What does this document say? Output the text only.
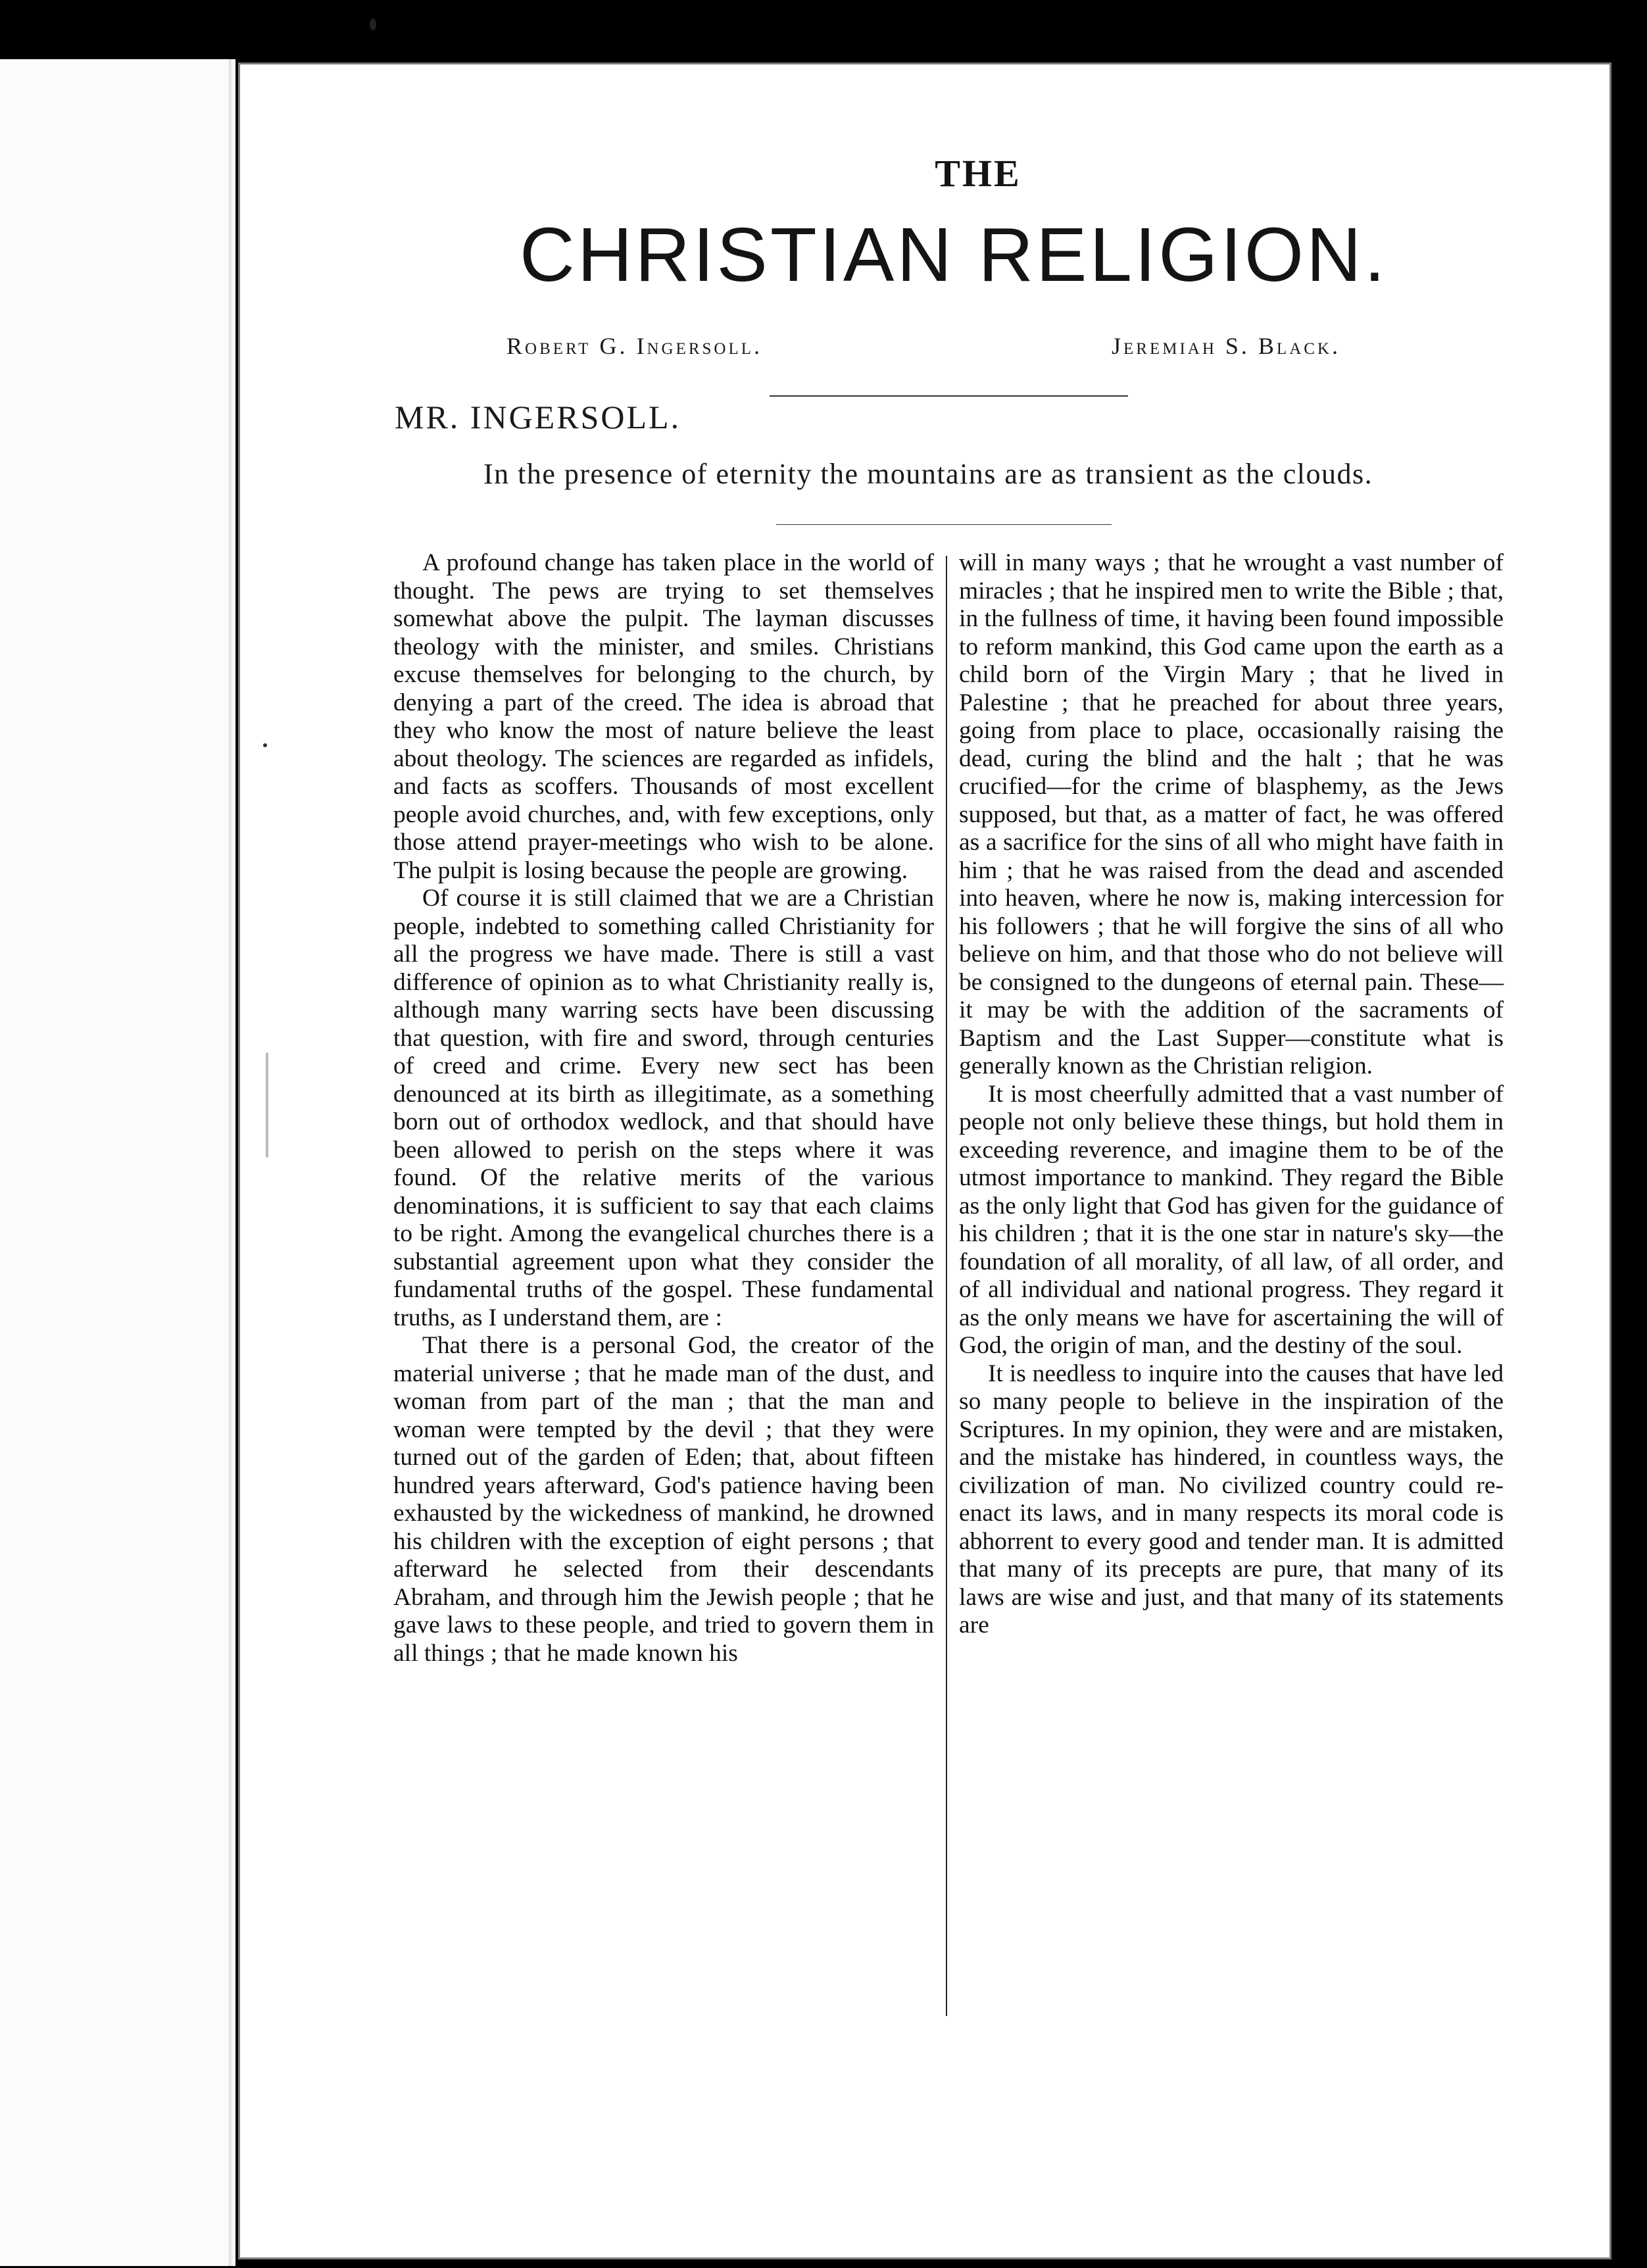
THE
CHRISTIAN RELIGION.
Robert G. Ingersoll.	Jeremiah S. Black.
MR. INGERSOLL.
In the presence of eternity the mountains are as transient as the clouds.

A profound change has taken place in the world of thought. The pews are trying to set themselves somewhat above the pulpit. The layman discusses theology with the minister, and smiles. Christians excuse themselves for belonging to the church, by denying a part of the creed. The idea is abroad that they who know the most of nature believe the least about theology. The sciences are regarded as infidels, and facts as scoffers. Thousands of most excellent people avoid churches, and, with few exceptions, only those attend prayer-meetings who wish to be alone. The pulpit is losing because the people are growing.

Of course it is still claimed that we are a Christian people, indebted to something called Christianity for all the progress we have made. There is still a vast difference of opinion as to what Christianity really is, although many warring sects have been discussing that question, with fire and sword, through centuries of creed and crime. Every new sect has been denounced at its birth as illegitimate, as a something born out of orthodox wedlock, and that should have been allowed to perish on the steps where it was found. Of the relative merits of the various denominations, it is sufficient to say that each claims to be right. Among the evangelical churches there is a substantial agreement upon what they consider the fundamental truths of the gospel. These fundamental truths, as I understand them, are :

That there is a personal God, the creator of the material universe ; that he made man of the dust, and woman from part of the man ; that the man and woman were tempted by the devil ; that they were turned out of the garden of Eden; that, about fifteen hundred years afterward, God's patience having been exhausted by the wickedness of mankind, he drowned his children with the exception of eight persons ; that afterward he selected from their descendants Abraham, and through him the Jewish people ; that he gave laws to these people, and tried to govern them in all things ; that he made known his

will in many ways ; that he wrought a vast number of miracles ; that he inspired men to write the Bible ; that, in the fullness of time, it having been found impossible to reform mankind, this God came upon the earth as a child born of the Virgin Mary ; that he lived in Palestine ; that he preached for about three years, going from place to place, occasionally raising the dead, curing the blind and the halt ; that he was crucified—for the crime of blasphemy, as the Jews supposed, but that, as a matter of fact, he was offered as a sacrifice for the sins of all who might have faith in him ; that he was raised from the dead and ascended into heaven, where he now is, making intercession for his followers ; that he will forgive the sins of all who believe on him, and that those who do not believe will be consigned to the dungeons of eternal pain. These—it may be with the addition of the sacraments of Baptism and the Last Supper—constitute what is generally known as the Christian religion.

It is most cheerfully admitted that a vast number of people not only believe these things, but hold them in exceeding reverence, and imagine them to be of the utmost importance to mankind. They regard the Bible as the only light that God has given for the guidance of his children ; that it is the one star in nature's sky—the foundation of all morality, of all law, of all order, and of all individual and national progress. They regard it as the only means we have for ascertaining the will of God, the origin of man, and the destiny of the soul.

It is needless to inquire into the causes that have led so many people to believe in the inspiration of the Scriptures. In my opinion, they were and are mistaken, and the mistake has hindered, in countless ways, the civilization of man. No civilized country could re-enact its laws, and in many respects its moral code is abhorrent to every good and tender man. It is admitted that many of its precepts are pure, that many of its laws are wise and just, and that many of its statements are
